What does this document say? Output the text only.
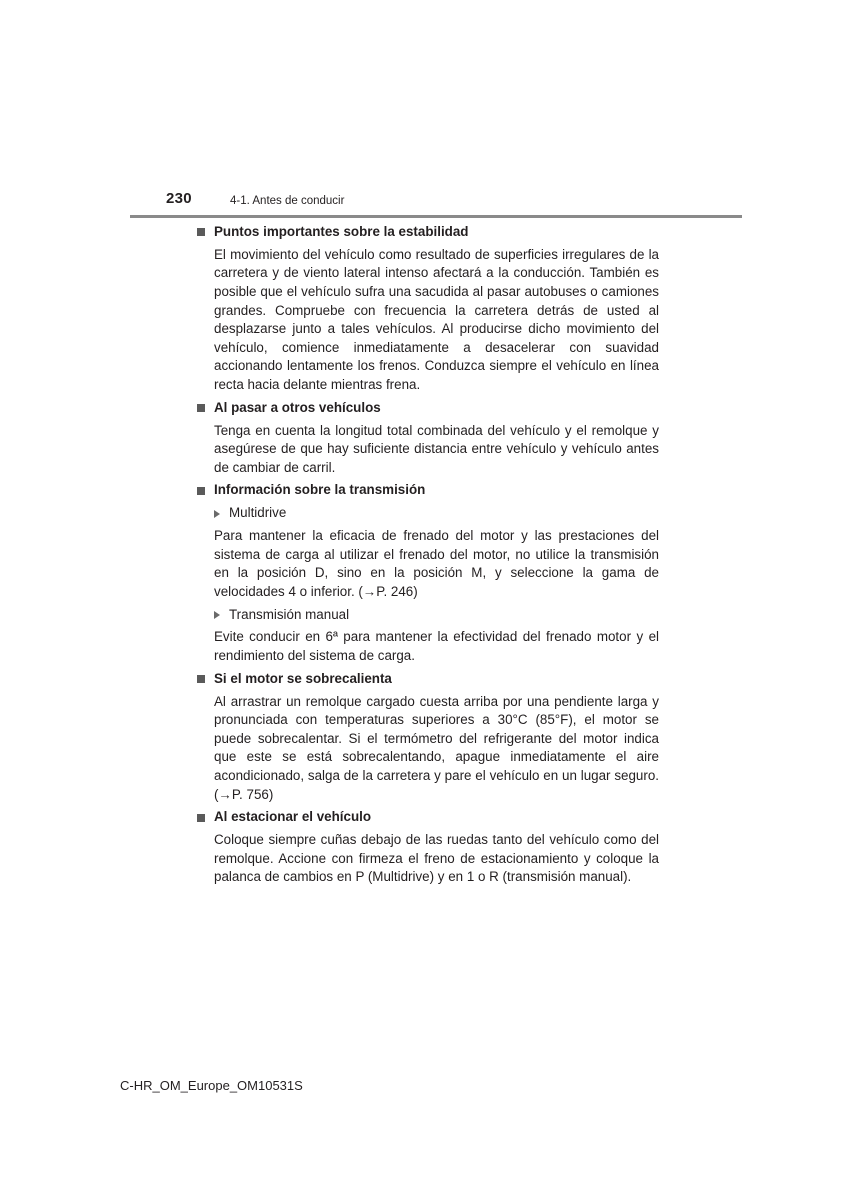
230	4-1. Antes de conducir
Puntos importantes sobre la estabilidad

El movimiento del vehículo como resultado de superficies irregulares de la carretera y de viento lateral intenso afectará a la conducción. También es posible que el vehículo sufra una sacudida al pasar autobuses o camiones grandes. Compruebe con frecuencia la carretera detrás de usted al desplazarse junto a tales vehículos. Al producirse dicho movimiento del vehículo, comience inmediatamente a desacelerar con suavidad accionando lentamente los frenos. Conduzca siempre el vehículo en línea recta hacia delante mientras frena.

Al pasar a otros vehículos

Tenga en cuenta la longitud total combinada del vehículo y el remolque y asegúrese de que hay suficiente distancia entre vehículo y vehículo antes de cambiar de carril.

Información sobre la transmisión
Multidrive

Para mantener la eficacia de frenado del motor y las prestaciones del sistema de carga al utilizar el frenado del motor, no utilice la transmisión en la posición D, sino en la posición M, y seleccione la gama de velocidades 4 o inferior. (→P. 246)

Transmisión manual

Evite conducir en 6ª para mantener la efectividad del frenado motor y el rendimiento del sistema de carga.

Si el motor se sobrecalienta

Al arrastrar un remolque cargado cuesta arriba por una pendiente larga y pronunciada con temperaturas superiores a 30°C (85°F), el motor se puede sobrecalentar. Si el termómetro del refrigerante del motor indica que este se está sobrecalentando, apague inmediatamente el aire acondicionado, salga de la carretera y pare el vehículo en un lugar seguro. (→P. 756)

Al estacionar el vehículo

Coloque siempre cuñas debajo de las ruedas tanto del vehículo como del remolque. Accione con firmeza el freno de estacionamiento y coloque la palanca de cambios en P (Multidrive) y en 1 o R (transmisión manual).

C-HR_OM_Europe_OM10531S
